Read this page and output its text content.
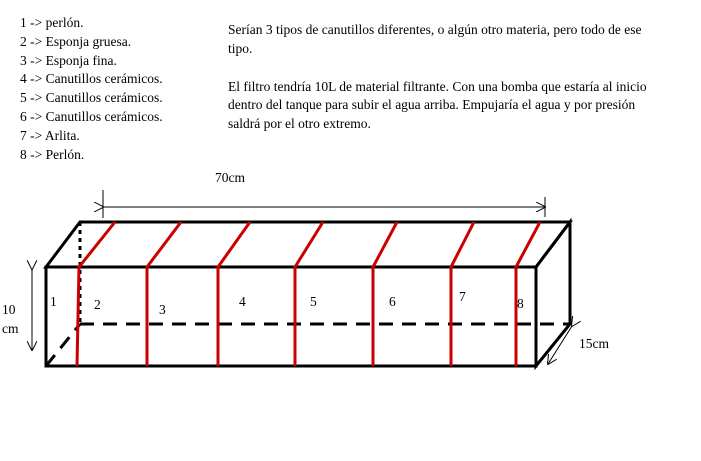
1 -> perlón.
2 -> Esponja gruesa.
3 -> Esponja fina.
4 -> Canutillos cerámicos.
5 -> Canutillos cerámicos.
6 -> Canutillos cerámicos.
7 -> Arlita.
8 -> Perlón.

Serían 3 tipos de canutillos diferentes, o algún otro materia, pero todo de ese tipo.

El filtro tendría 10L de material filtrante. Con una bomba que estaría al inicio dentro del tanque para subir el agua arriba. Empujaría el agua y por presión saldrá por el otro extremo.

70cm
10
cm
15cm
1	2	3
4	5	6	7	8
